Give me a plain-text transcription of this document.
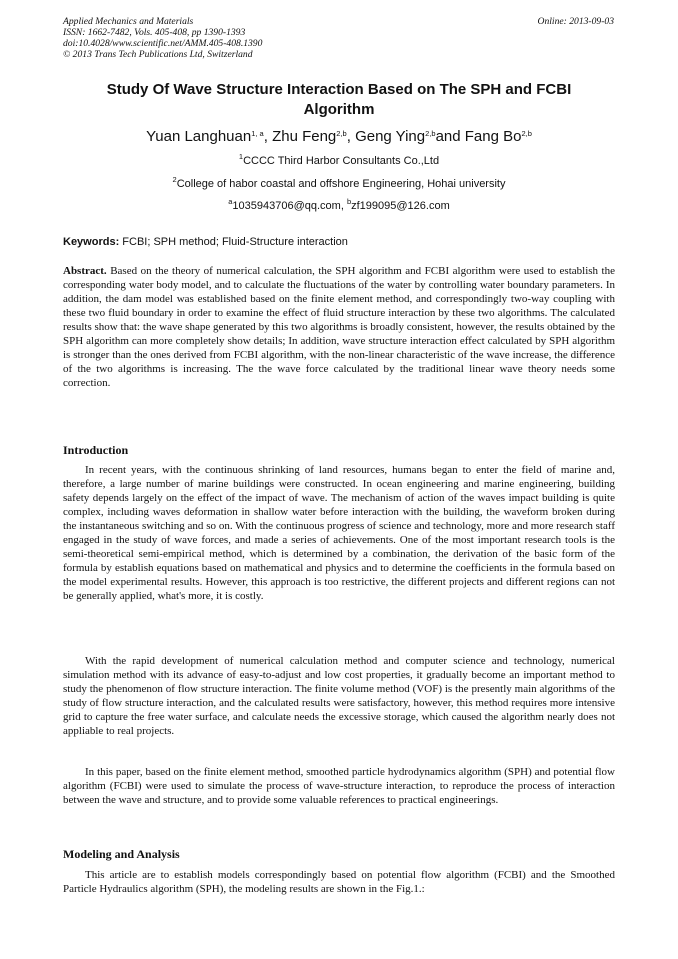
Applied Mechanics and Materials
ISSN: 1662-7482, Vols. 405-408, pp 1390-1393
doi:10.4028/www.scientific.net/AMM.405-408.1390
© 2013 Trans Tech Publications Ltd, Switzerland
Online: 2013-09-03
Study Of Wave Structure Interaction Based on The SPH and FCBI Algorithm
Yuan Langhuan$^{1, a}$, Zhu Feng$^{2,b}$, Geng Ying$^{2,b}$and Fang Bo$^{2,b}$
$^1$CCCC Third Harbor Consultants Co.,Ltd
$^2$College of habor coastal and offshore Engineering, Hohai university
$^a$1035943706@qq.com, $^b$zf199095@126.com
Keywords: FCBI; SPH method; Fluid-Structure interaction
Abstract. Based on the theory of numerical calculation, the SPH algorithm and FCBI algorithm were used to establish the corresponding water body model, and to calculate the fluctuations of the water by controlling water boundary parameters. In addition, the dam model was established based on the finite element method, and correspondingly two-way coupling with these two fluid boundary in order to examine the effect of fluid structure interaction by these two algorithms. The calculated results show that: the wave shape generated by this two algorithms is broadly consistent, however, the results obtained by the SPH algorithm can more completely show details; In addition, wave structure interaction effect calculated by SPH algorithm is stronger than the ones derived from FCBI algorithm, with the non-linear characteristic of the wave increase, the difference of the two algorithms is increasing. The the wave force calculated by the traditional linear wave theory needs some correction.
Introduction
In recent years, with the continuous shrinking of land resources, humans began to enter the field of marine and, therefore, a large number of marine buildings were constructed. In ocean engineering and marine engineering, building safety depends largely on the effect of the impact of wave. The mechanism of action of the waves impact building is quite complex, including waves deformation in shallow water before interaction with the building, the waveform broken during the instantaneous switching and so on. With the continuous progress of science and technology, more and more research staff engaged in the study of wave forces, and made a series of achievements. One of the most important research tools is the semi-theoretical semi-empirical method, which is determined by a combination, the derivation of the basic form of the formula by establish equations based on mathematical and physics and to determine the coefficients in the formula based on the model experimental results. However, this approach is too restrictive, the different projects and different regions can not be generally applied, what's more, it is costly.
With the rapid development of numerical calculation method and computer science and technology, numerical simulation method with its advance of easy-to-adjust and low cost properties, it gradually become an important method to study the phenomenon of flow structure interaction. The finite volume method (VOF) is the presently main algorithms of the study of flow structure interaction, and the calculated results were satisfactory, however, this method requires more intensive grid to capture the free water surface, and calculate needs the excessive storage, which caused the algorithm nearly does not appliable to real projects.
In this paper, based on the finite element method, smoothed particle hydrodynamics algorithm (SPH) and potential flow algorithm (FCBI) were used to simulate the process of wave-structure interaction, to reproduce the process of interaction between the wave and structure, and to provide some valuable references to practical engineerings.
Modeling and Analysis
This article are to establish models correspondingly based on potential flow algorithm (FCBI) and the Smoothed Particle Hydraulics algorithm (SPH), the modeling results are shown in the Fig.1.:
